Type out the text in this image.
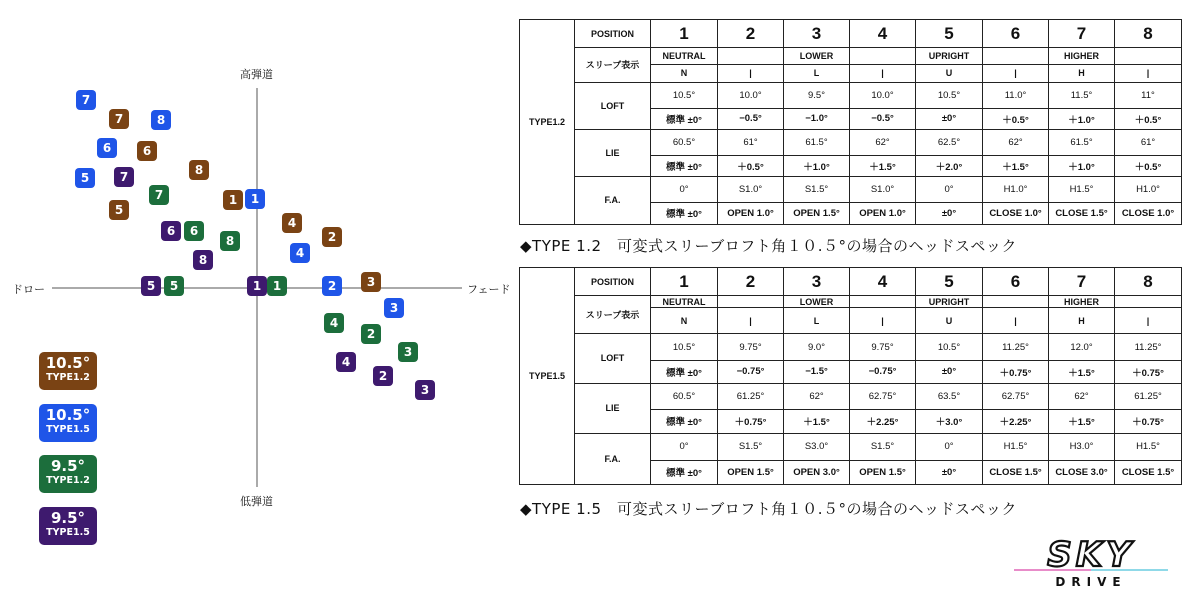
高弾道
低弾道
ドロー	フェード
7
7	8
6	6
8
5	7
7
5
1	1
6	6
8
4
2
8	4
5	5	1 1	2	3
3
4
2
3
4
2
3
10.5°
TYPE1.2
10.5°
TYPE1.5
9.5°
TYPE1.2
9.5°
TYPE1.5
TYPE1.2	POSITION	1	2	3	4	5	6	7	8
	スリーブ表示	NEUTRAL		LOWER		UPRIGHT		HIGHER	
		N	|	L	|	U	|	H	|
	LOFT	10.5°	10.0°	9.5°	10.0°	10.5°	11.0°	11.5°	11°
		標準 ±0°	−0.5°	−1.0°	−0.5°	±0°	＋0.5°	＋1.0°	＋0.5°
	LIE	60.5°	61°	61.5°	62°	62.5°	62°	61.5°	61°
		標準 ±0°	＋0.5°	＋1.0°	＋1.5°	＋2.0°	＋1.5°	＋1.0°	＋0.5°
	F.A.	0°	S1.0°	S1.5°	S1.0°	0°	H1.0°	H1.5°	H1.0°
		標準 ±0°	OPEN 1.0°	OPEN 1.5°	OPEN 1.0°	±0°	CLOSE 1.0°	CLOSE 1.5°	CLOSE 1.0°
◆TYPE 1.2　可変式スリーブロフト角１０.５°の場合のヘッドスペック
TYPE1.5	POSITION	1	2	3	4	5	6	7	8
	スリーブ表示	NEUTRAL		LOWER		UPRIGHT		HIGHER	
		N	|	L	|	U	|	H	|
	LOFT	10.5°	9.75°	9.0°	9.75°	10.5°	11.25°	12.0°	11.25°
		標準 ±0°	−0.75°	−1.5°	−0.75°	±0°	＋0.75°	＋1.5°	＋0.75°
	LIE	60.5°	61.25°	62°	62.75°	63.5°	62.75°	62°	61.25°
		標準 ±0°	＋0.75°	＋1.5°	＋2.25°	＋3.0°	＋2.25°	＋1.5°	＋0.75°
	F.A.	0°	S1.5°	S3.0°	S1.5°	0°	H1.5°	H3.0°	H1.5°
		標準 ±0°	OPEN 1.5°	OPEN 3.0°	OPEN 1.5°	±0°	CLOSE 1.5°	CLOSE 3.0°	CLOSE 1.5°
◆TYPE 1.5　可変式スリーブロフト角１０.５°の場合のヘッドスペック
SKY
DRIVE
